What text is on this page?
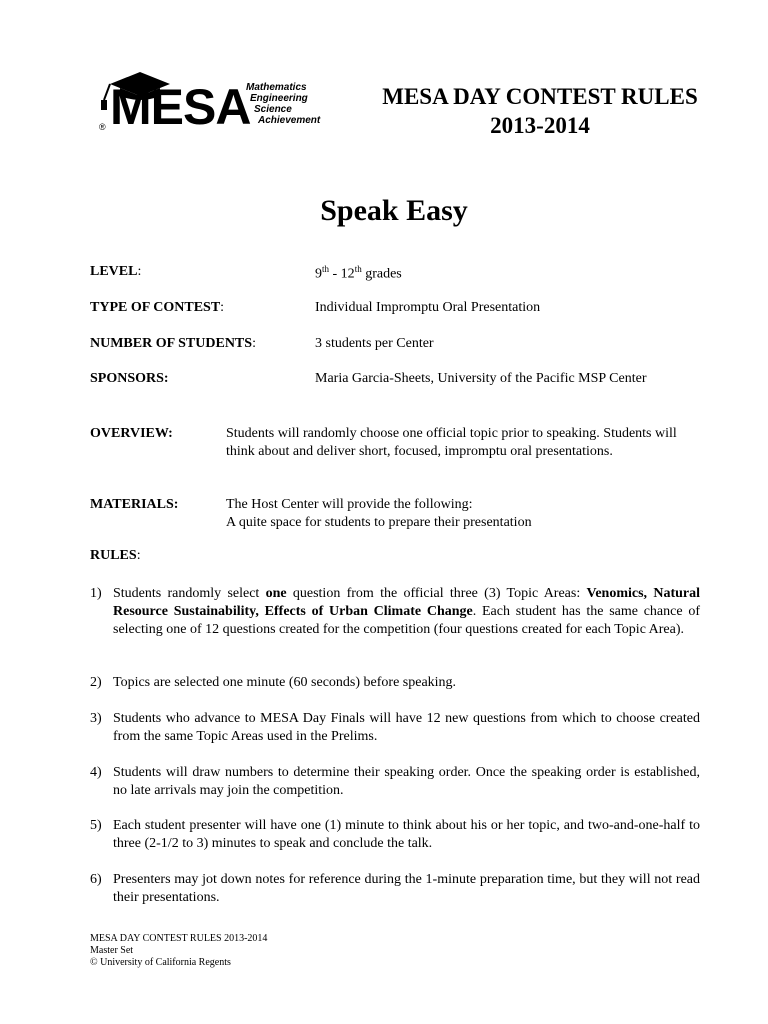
MESA
®
Mathematics
Engineering
Science
Achievement
MESA DAY CONTEST RULES
2013-2014
Speak Easy
LEVEL:	9th - 12th grades
TYPE OF CONTEST:	Individual Impromptu Oral Presentation
NUMBER OF STUDENTS:	3 students per Center
SPONSORS:	Maria Garcia-Sheets, University of the Pacific MSP Center
OVERVIEW:	Students will randomly choose one official topic prior to speaking. Students will think about and deliver short, focused, impromptu oral presentations.
MATERIALS:	The Host Center will provide the following:
A quite space for students to prepare their presentation
RULES:
1) Students randomly select one question from the official three (3) Topic Areas: Venomics, Natural Resource Sustainability, Effects of Urban Climate Change. Each student has the same chance of selecting one of 12 questions created for the competition (four questions created for each Topic Area).
2) Topics are selected one minute (60 seconds) before speaking.
3) Students who advance to MESA Day Finals will have 12 new questions from which to choose created from the same Topic Areas used in the Prelims.
4) Students will draw numbers to determine their speaking order. Once the speaking order is established, no late arrivals may join the competition.
5) Each student presenter will have one (1) minute to think about his or her topic, and two-and-one-half to three (2-1/2 to 3) minutes to speak and conclude the talk.
6) Presenters may jot down notes for reference during the 1-minute preparation time, but they will not read their presentations.
MESA DAY CONTEST RULES 2013-2014
Master Set
© University of California Regents
